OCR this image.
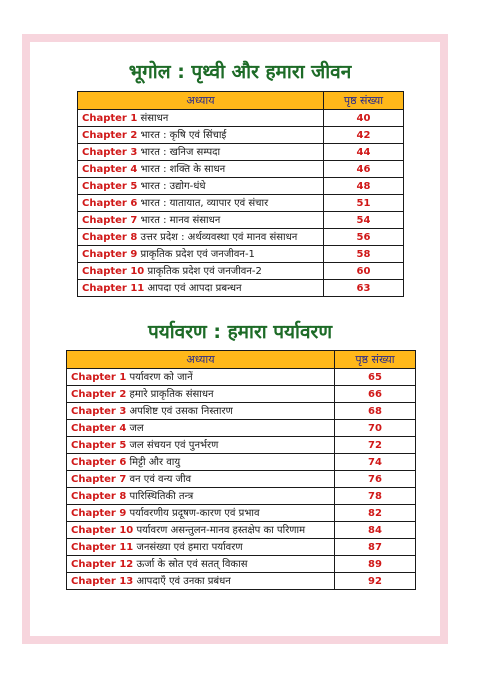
भूगोल : पृथ्वी और हमारा जीवन
अध्याय	पृष्ठ संख्या
Chapter 1 संसाधन	40
Chapter 2 भारत : कृषि एवं सिंचाई	42
Chapter 3 भारत : खनिज सम्पदा	44
Chapter 4 भारत : शक्ति के साधन	46
Chapter 5 भारत : उद्योग-धंधे	48
Chapter 6 भारत : यातायात, व्यापार एवं संचार	51
Chapter 7 भारत : मानव संसाधन	54
Chapter 8 उत्तर प्रदेश : अर्थव्यवस्था एवं मानव संसाधन	56
Chapter 9 प्राकृतिक प्रदेश एवं जनजीवन-1	58
Chapter 10 प्राकृतिक प्रदेश एवं जनजीवन-2	60
Chapter 11 आपदा एवं आपदा प्रबन्धन	63
पर्यावरण : हमारा पर्यावरण
अध्याय	पृष्ठ संख्या
Chapter 1 पर्यावरण को जानें	65
Chapter 2 हमारे प्राकृतिक संसाधन	66
Chapter 3 अपशिष्ट एवं उसका निस्तारण	68
Chapter 4 जल	70
Chapter 5 जल संचयन एवं पुनर्भरण	72
Chapter 6 मिट्टी और वायु	74
Chapter 7 वन एवं वन्य जीव	76
Chapter 8 पारिस्थितिकी तन्त्र	78
Chapter 9 पर्यावरणीय प्रदूषण-कारण एवं प्रभाव	82
Chapter 10 पर्यावरण असन्तुलन-मानव हस्तक्षेप का परिणाम	84
Chapter 11 जनसंख्या एवं हमारा पर्यावरण	87
Chapter 12 ऊर्जा के स्रोत एवं सतत् विकास	89
Chapter 13 आपदाएँ एवं उनका प्रबंधन	92
